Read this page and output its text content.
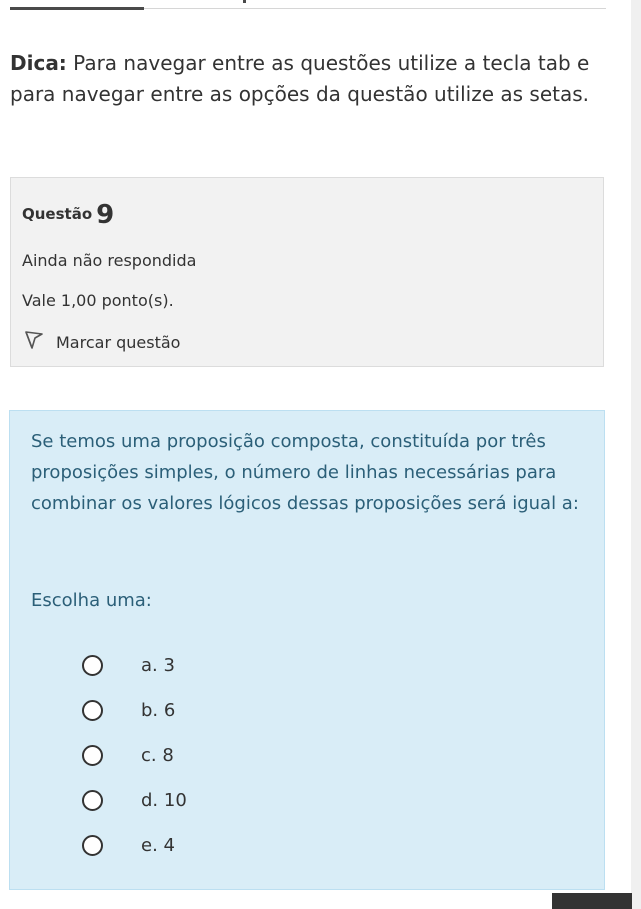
Dica: Para navegar entre as questões utilize a tecla tab e para navegar entre as opções da questão utilize as setas.
Questão 9
Ainda não respondida
Vale 1,00 ponto(s).
Marcar questão
Se temos uma proposição composta, constituída por três proposições simples, o número de linhas necessárias para combinar os valores lógicos dessas proposições será igual a:
Escolha uma:
a. 3
b. 6
c. 8
d. 10
e. 4
